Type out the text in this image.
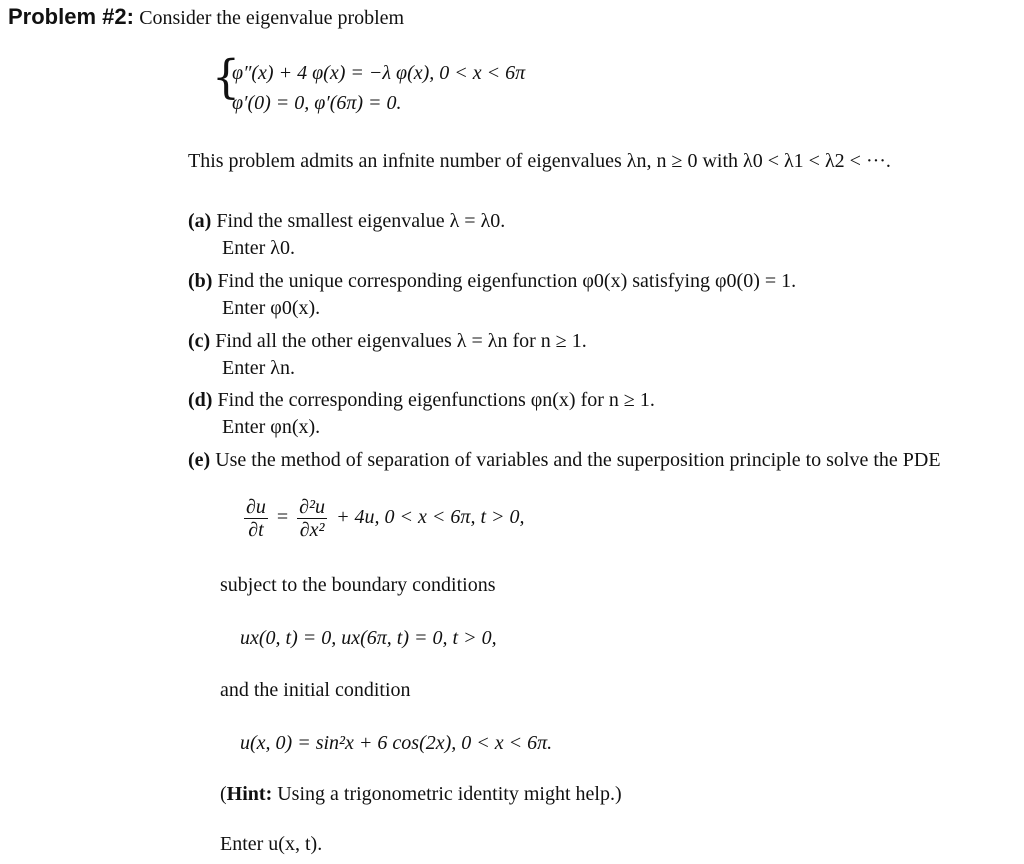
Problem #2: Consider the eigenvalue problem
{
φ″(x) + 4 φ(x) = −λ φ(x), 0 < x < 6π
φ′(0) = 0, φ′(6π) = 0.
This problem admits an infnite number of eigenvalues λn, n ≥ 0 with λ0 < λ1 < λ2 < ···.
(a) Find the smallest eigenvalue λ = λ0.
Enter λ0.
(b) Find the unique corresponding eigenfunction φ0(x) satisfying φ0(0) = 1.
Enter φ0(x).
(c) Find all the other eigenvalues λ = λn for n ≥ 1.
Enter λn.
(d) Find the corresponding eigenfunctions φn(x) for n ≥ 1.
Enter φn(x).
(e) Use the method of separation of variables and the superposition principle to solve the PDE
$\frac{\partial u}{\partial t} = \frac{\text{∂²u}}{\text{∂x²}} + 4u$, 0 < x < 6π, t > 0,
subject to the boundary conditions
ux(0, t) = 0, ux(6π, t) = 0, t > 0,
and the initial condition
u(x, 0) = sin²x + 6 cos(2x), 0 < x < 6π.
(Hint: Using a trigonometric identity might help.)
Enter u(x, t).
